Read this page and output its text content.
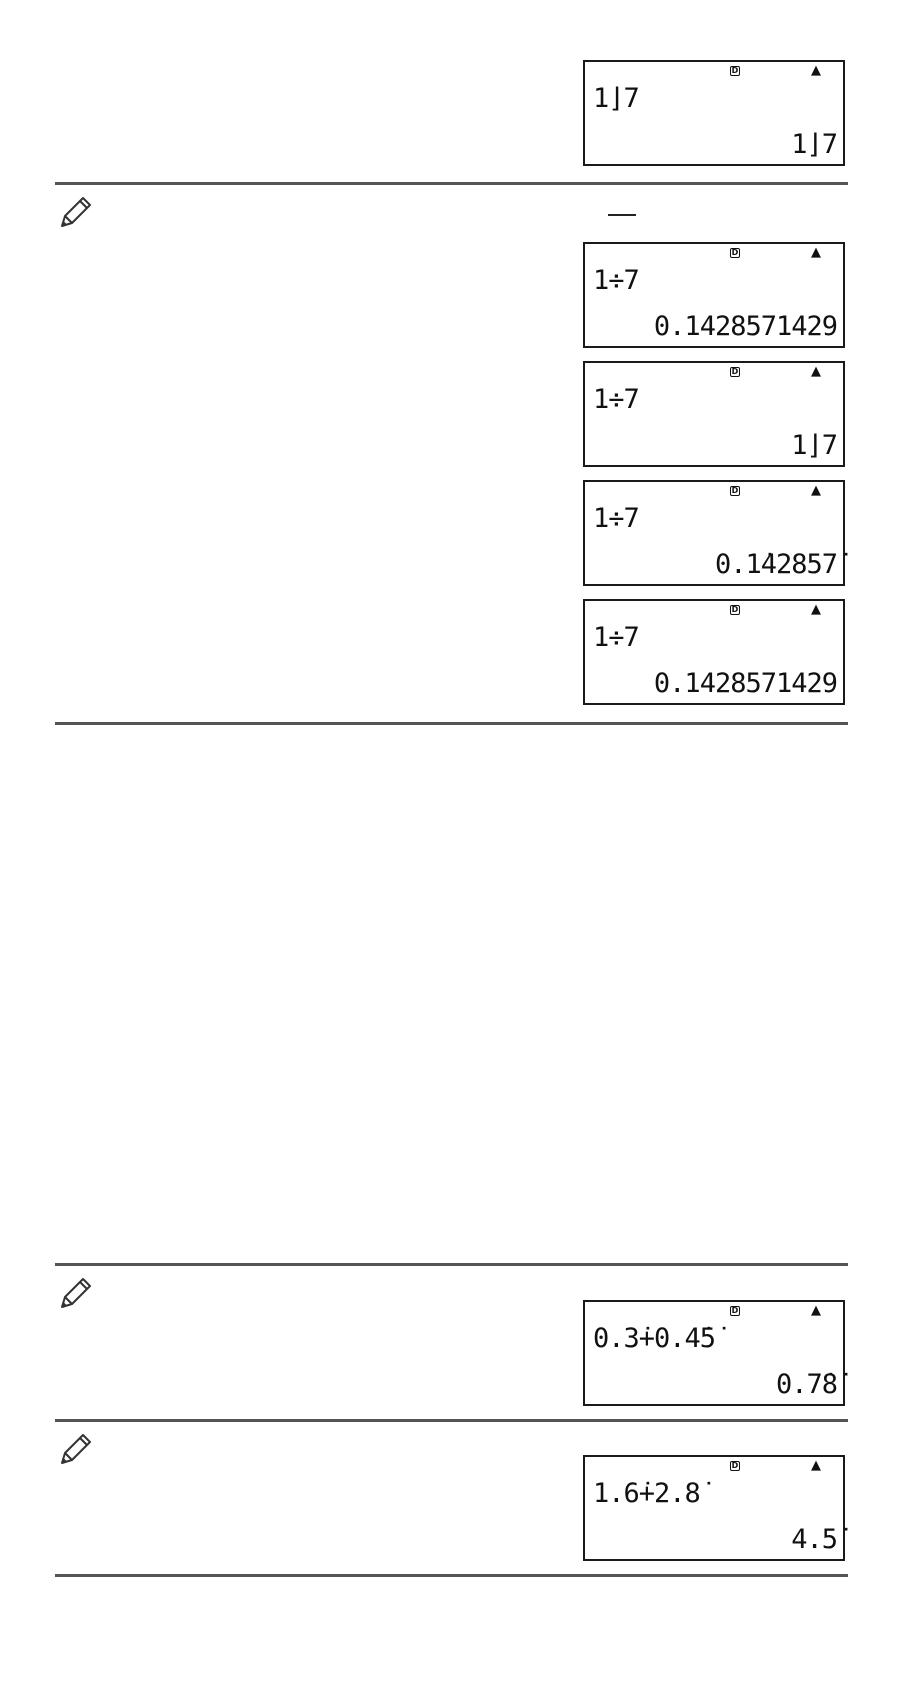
D	▲
1⌋7
1⌋7
D	▲
1÷7
0.1428571429
D	▲
1÷7
1⌋7
D	▲
1÷7
0.1̇42857̇
D	▲
1÷7
0.1428571429
D	▲
0.3̇+0.4̇5̇
0.7̇8̇
D	▲
1.6̇+2.8̇
4.5̇
